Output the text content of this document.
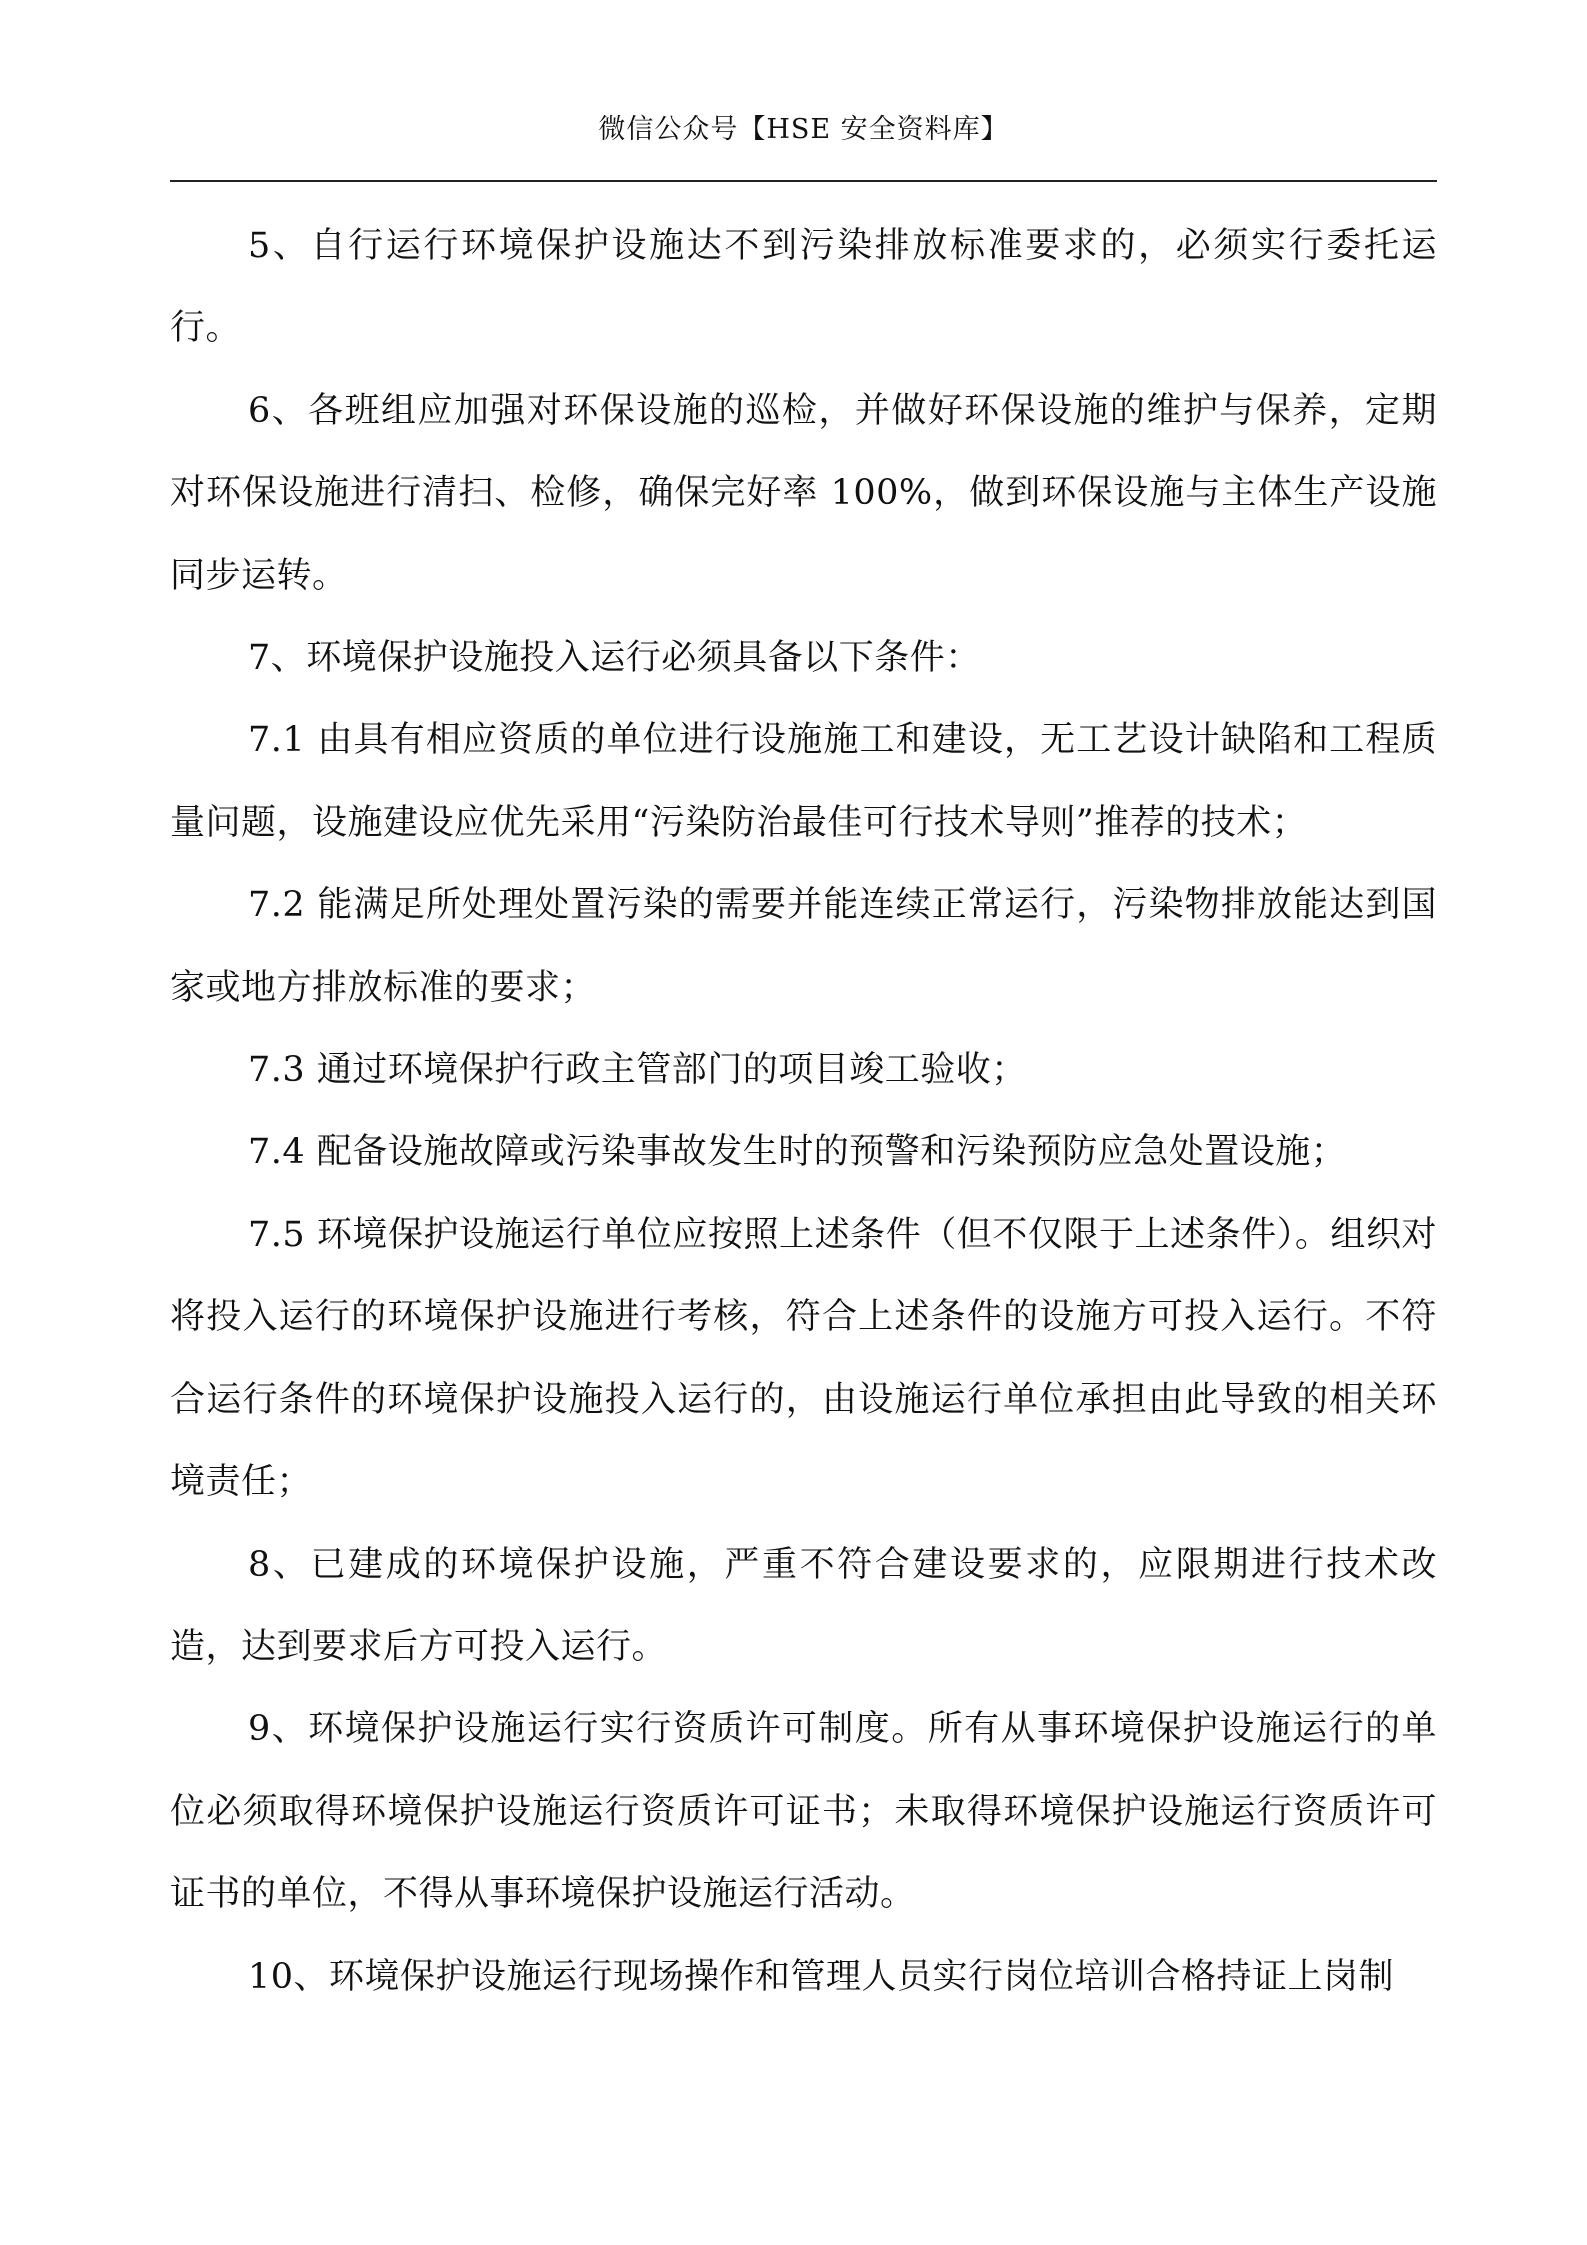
微信公众号【HSE 安全资料库】

5、自行运行环境保护设施达不到污染排放标准要求的，必须实行委托运行。

6、各班组应加强对环保设施的巡检，并做好环保设施的维护与保养，定期对环保设施进行清扫、检修，确保完好率 100%，做到环保设施与主体生产设施同步运转。

7、环境保护设施投入运行必须具备以下条件：

7.1 由具有相应资质的单位进行设施施工和建设，无工艺设计缺陷和工程质量问题，设施建设应优先采用“污染防治最佳可行技术导则”推荐的技术；

7.2 能满足所处理处置污染的需要并能连续正常运行，污染物排放能达到国家或地方排放标准的要求；

7.3 通过环境保护行政主管部门的项目竣工验收；

7.4 配备设施故障或污染事故发生时的预警和污染预防应急处置设施；

7.5 环境保护设施运行单位应按照上述条件（但不仅限于上述条件）。组织对将投入运行的环境保护设施进行考核，符合上述条件的设施方可投入运行。不符合运行条件的环境保护设施投入运行的，由设施运行单位承担由此导致的相关环境责任；

8、已建成的环境保护设施，严重不符合建设要求的，应限期进行技术改造，达到要求后方可投入运行。

9、环境保护设施运行实行资质许可制度。所有从事环境保护设施运行的单位必须取得环境保护设施运行资质许可证书；未取得环境保护设施运行资质许可证书的单位，不得从事环境保护设施运行活动。

10、环境保护设施运行现场操作和管理人员实行岗位培训合格持证上岗制
